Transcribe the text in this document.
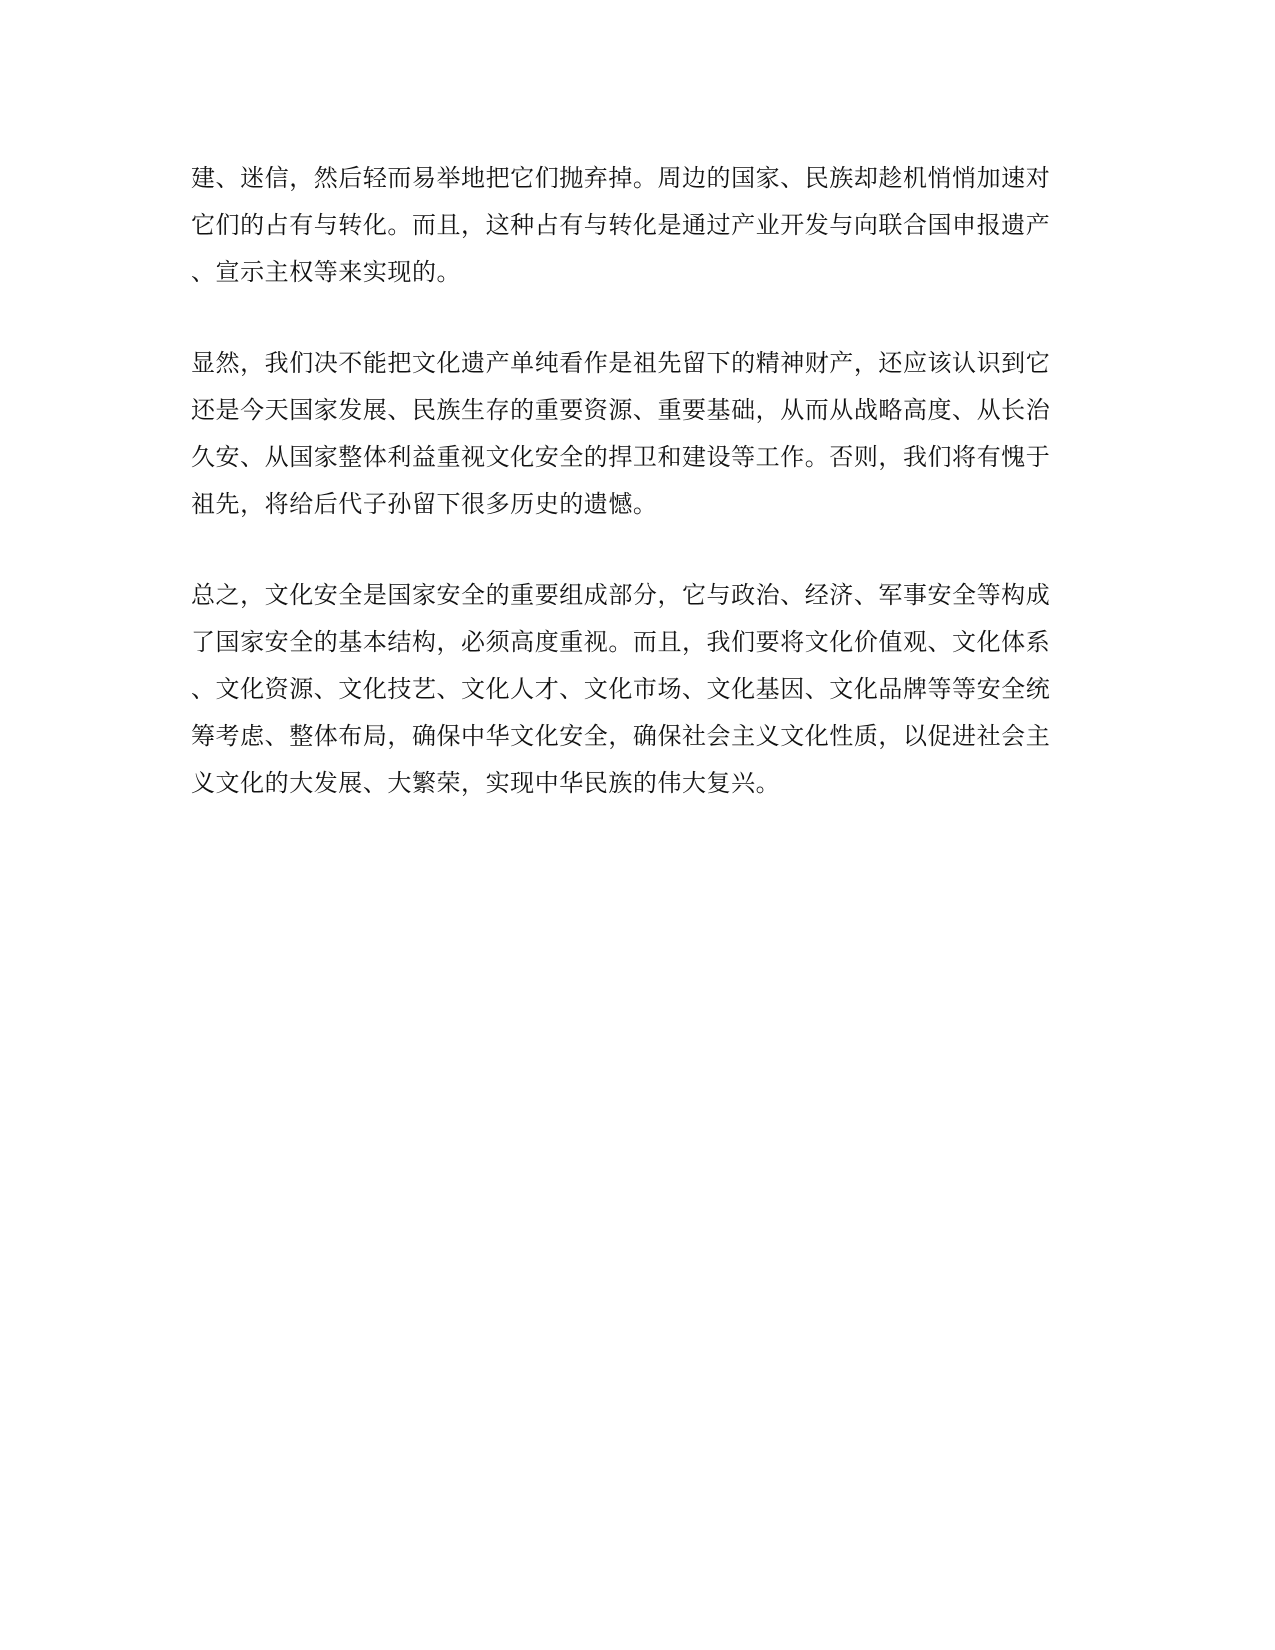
建、迷信，然后轻而易举地把它们抛弃掉。周边的国家、民族却趁机悄悄加速对
它们的占有与转化。而且，这种占有与转化是通过产业开发与向联合国申报遗产
、宣示主权等来实现的。
显然，我们决不能把文化遗产单纯看作是祖先留下的精神财产，还应该认识到它
还是今天国家发展、民族生存的重要资源、重要基础，从而从战略高度、从长治
久安、从国家整体利益重视文化安全的捍卫和建设等工作。否则，我们将有愧于
祖先，将给后代子孙留下很多历史的遗憾。
总之，文化安全是国家安全的重要组成部分，它与政治、经济、军事安全等构成
了国家安全的基本结构，必须高度重视。而且，我们要将文化价值观、文化体系
、文化资源、文化技艺、文化人才、文化市场、文化基因、文化品牌等等安全统
筹考虑、整体布局，确保中华文化安全，确保社会主义文化性质，以促进社会主
义文化的大发展、大繁荣，实现中华民族的伟大复兴。
